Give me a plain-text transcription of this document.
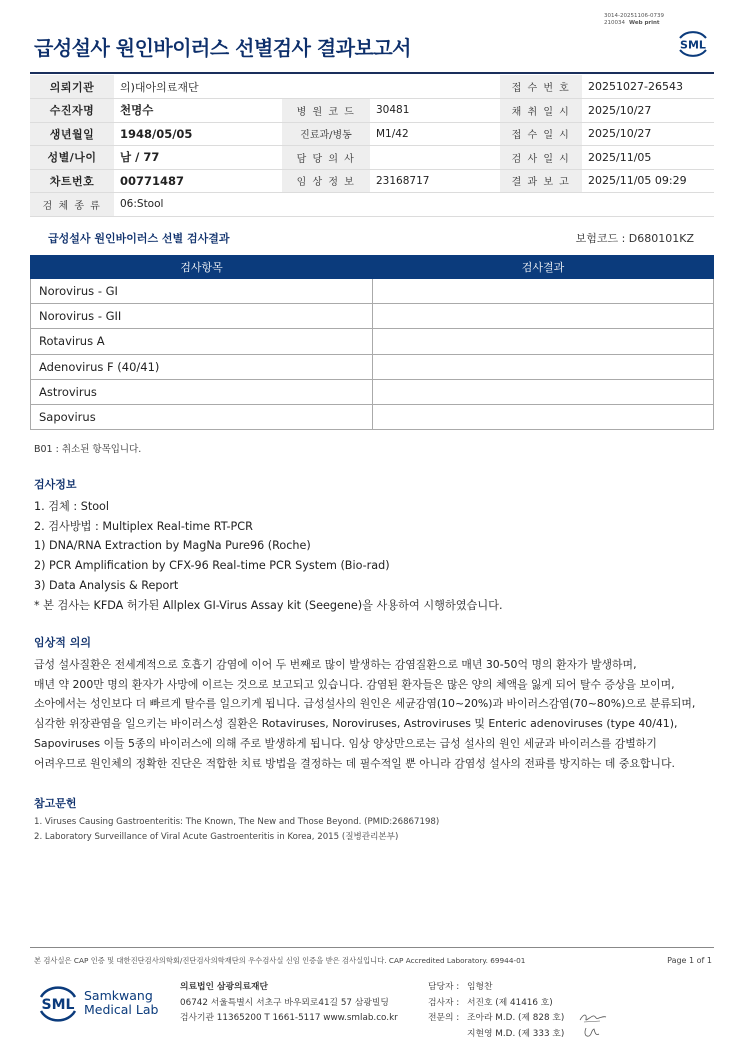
3014-20251106-0739
210034 Web print
급성설사 원인바이러스 선별검사 결과보고서	SML
의뢰기관	의)대아의료재단			접 수 번 호	20251027-26543
수진자명	천명수	병 원 코 드	30481	채 취 일 시	2025/10/27
생년월일	1948/05/05	진료과/병동	M1/42	접 수 일 시	2025/10/27
성별/나이	남 / 77	담 당 의 사		검 사 일 시	2025/11/05
차트번호	00771487	임 상 정 보	23168717	결 과 보 고	2025/11/05 09:29
검 체 종 류	06:Stool				
급성설사 원인바이러스 선별 검사결과	보험코드 : D680101KZ
검사항목	검사결과
Norovirus - GI	
Norovirus - GII	
Rotavirus A	
Adenovirus F (40/41)	
Astrovirus	
Sapovirus	
B01 : 취소된 항목입니다.
검사정보
1. 검체 : Stool
2. 검사방법 : Multiplex Real-time RT-PCR
1) DNA/RNA Extraction by MagNa Pure96 (Roche)
2) PCR Amplification by CFX-96 Real-time PCR System (Bio-rad)
3) Data Analysis & Report
* 본 검사는 KFDA 허가된 Allplex GI-Virus Assay kit (Seegene)을 사용하여 시행하였습니다.
임상적 의의
급성 설사질환은 전세계적으로 호흡기 감염에 이어 두 번째로 많이 발생하는 감염질환으로 매년 30-50억 명의 환자가 발생하며,
매년 약 200만 명의 환자가 사망에 이르는 것으로 보고되고 있습니다. 감염된 환자들은 많은 양의 체액을 잃게 되어 탈수 증상을 보이며,
소아에서는 성인보다 더 빠르게 탈수를 일으키게 됩니다. 급성설사의 원인은 세균감염(10~20%)과 바이러스감염(70~80%)으로 분류되며,
심각한 위장관염을 일으키는 바이러스성 질환은 Rotaviruses, Noroviruses, Astroviruses 및 Enteric adenoviruses (type 40/41),
Sapoviruses 이들 5종의 바이러스에 의해 주로 발생하게 됩니다. 임상 양상만으로는 급성 설사의 원인 세균과 바이러스를 감별하기
어려우므로 원인체의 정확한 진단은 적합한 치료 방법을 결정하는 데 필수적일 뿐 아니라 감염성 설사의 전파를 방지하는 데 중요합니다.
참고문헌
1. Viruses Causing Gastroenteritis: The Known, The New and Those Beyond. (PMID:26867198)
2. Laboratory Surveillance of Viral Acute Gastroenteritis in Korea, 2015 (질병관리본부)
본 검사실은 CAP 인증 및 대한진단검사의학회/진단검사의학재단의 우수검사실 신임 인증을 받은 검사실입니다. CAP Accredited Laboratory. 69944-01	Page 1 of 1
SML
Samkwang
Medical Lab
의료법인 삼광의료재단
06742 서울특별시 서초구 바우뫼로41길 57 삼광빌딩
검사기관 11365200 T 1661-5117 www.smlab.co.kr
담당자 : 임형찬
검사자 : 서진호 (제 41416 호)
전문의 : 조아라 M.D. (제 828 호)
지현영 M.D. (제 333 호)
